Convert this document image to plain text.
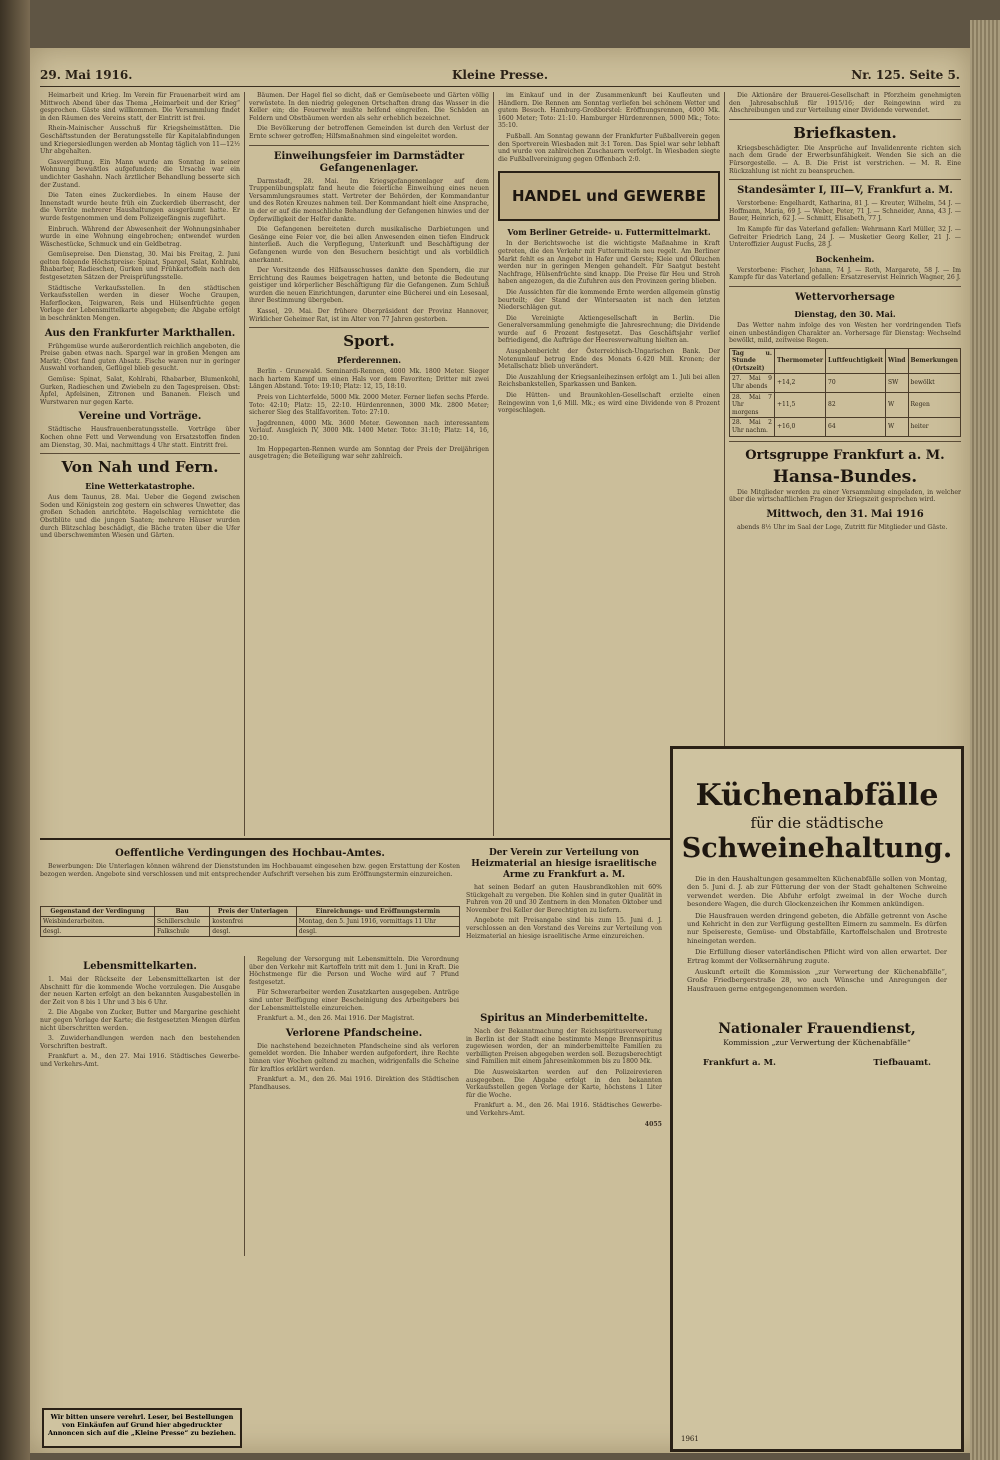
29. Mai 1916.	Kleine Presse.	Nr. 125. Seite 5.

Heimarbeit und Krieg. Im Verein für Frauenarbeit wird am Mittwoch Abend über das Thema „Heimarbeit und der Krieg“ gesprochen. Gäste sind willkommen. Die Versammlung findet in den Räumen des Vereins statt, der Eintritt ist frei.

Rhein-Mainischer Ausschuß für Kriegsheimstätten. Die Geschäftsstunden der Beratungsstelle für Kapitalabfindungen und Kriegersiedlungen werden ab Montag täglich von 11—12½ Uhr abgehalten.

Gasvergiftung. Ein Mann wurde am Sonntag in seiner Wohnung bewußtlos aufgefunden; die Ursache war ein undichter Gashahn. Nach ärztlicher Behandlung besserte sich der Zustand.

Die Taten eines Zuckerdiebes. In einem Hause der Innenstadt wurde heute früh ein Zuckerdieb überrascht, der die Vorräte mehrerer Haushaltungen ausgeräumt hatte. Er wurde festgenommen und dem Polizeigefängnis zugeführt.

Einbruch. Während der Abwesenheit der Wohnungsinhaber wurde in eine Wohnung eingebrochen; entwendet wurden Wäschestücke, Schmuck und ein Geldbetrag.

Gemüsepreise. Den Dienstag, 30. Mai bis Freitag, 2. Juni gelten folgende Höchstpreise: Spinat, Spargel, Salat, Kohlrabi, Rhabarber, Radieschen, Gurken und Frühkartoffeln nach den festgesetzten Sätzen der Preisprüfungsstelle.

Städtische Verkaufsstellen. In den städtischen Verkaufsstellen werden in dieser Woche Graupen, Haferflocken, Teigwaren, Reis und Hülsenfrüchte gegen Vorlage der Lebensmittelkarte abgegeben; die Abgabe erfolgt in beschränkten Mengen.

Aus den Frankfurter Markthallen.

Frühgemüse wurde außerordentlich reichlich angeboten, die Preise gaben etwas nach. Spargel war in großen Mengen am Markt; Obst fand guten Absatz. Fische waren nur in geringer Auswahl vorhanden, Geflügel blieb gesucht.

Gemüse: Spinat, Salat, Kohlrabi, Rhabarber, Blumenkohl, Gurken, Radieschen und Zwiebeln zu den Tagespreisen. Obst: Äpfel, Apfelsinen, Zitronen und Bananen. Fleisch und Wurstwaren nur gegen Karte.

Vereine und Vorträge.

Städtische Hausfrauenberatungsstelle. Vorträge über Kochen ohne Fett und Verwendung von Ersatzstoffen finden am Dienstag, 30. Mai, nachmittags 4 Uhr statt. Eintritt frei.

Von Nah und Fern.
Eine Wetterkatastrophe.

Aus dem Taunus, 28. Mai. Ueber die Gegend zwischen Soden und Königstein zog gestern ein schweres Unwetter, das großen Schaden anrichtete. Hagelschlag vernichtete die Obstblüte und die jungen Saaten; mehrere Häuser wurden durch Blitzschlag beschädigt, die Bäche traten über die Ufer und überschwemmten Wiesen und Gärten.

Bäumen. Der Hagel fiel so dicht, daß er Gemüsebeete und Gärten völlig verwüstete. In den niedrig gelegenen Ortschaften drang das Wasser in die Keller ein; die Feuerwehr mußte helfend eingreifen. Die Schäden an Feldern und Obstbäumen werden als sehr erheblich bezeichnet.

Die Bevölkerung der betroffenen Gemeinden ist durch den Verlust der Ernte schwer getroffen; Hilfsmaßnahmen sind eingeleitet worden.

Einweihungsfeier im Darmstädter Gefangenenlager.

Darmstadt, 28. Mai. Im Kriegsgefangenenlager auf dem Truppenübungsplatz fand heute die feierliche Einweihung eines neuen Versammlungsraumes statt. Vertreter der Behörden, der Kommandantur und des Roten Kreuzes nahmen teil. Der Kommandant hielt eine Ansprache, in der er auf die menschliche Behandlung der Gefangenen hinwies und der Opferwilligkeit der Helfer dankte.

Die Gefangenen bereiteten durch musikalische Darbietungen und Gesänge eine Feier vor, die bei allen Anwesenden einen tiefen Eindruck hinterließ. Auch die Verpflegung, Unterkunft und Beschäftigung der Gefangenen wurde von den Besuchern besichtigt und als vorbildlich anerkannt.

Der Vorsitzende des Hilfsausschusses dankte den Spendern, die zur Errichtung des Raumes beigetragen hatten, und betonte die Bedeutung geistiger und körperlicher Beschäftigung für die Gefangenen. Zum Schluß wurden die neuen Einrichtungen, darunter eine Bücherei und ein Lesesaal, ihrer Bestimmung übergeben.

Kassel, 29. Mai. Der frühere Oberpräsident der Provinz Hannover, Wirklicher Geheimer Rat, ist im Alter von 77 Jahren gestorben.

Sport.
Pferderennen.

Berlin - Grunewald. Seminardi-Rennen, 4000 Mk. 1800 Meter. Sieger nach hartem Kampf um einen Hals vor dem Favoriten; Dritter mit zwei Längen Abstand. Toto: 19:10; Platz: 12, 15, 18:10.

Preis von Lichterfelde, 5000 Mk. 2000 Meter. Ferner liefen sechs Pferde. Toto: 42:10; Platz: 15, 22:10. Hürdenrennen, 3000 Mk. 2800 Meter; sicherer Sieg des Stallfavoriten. Toto: 27:10.

Jagdrennen, 4000 Mk. 3600 Meter. Gewonnen nach interessantem Verlauf. Ausgleich IV, 3000 Mk. 1400 Meter. Toto: 31:10; Platz: 14, 16, 20:10.

Im Hoppegarten-Rennen wurde am Sonntag der Preis der Dreijährigen ausgetragen; die Beteiligung war sehr zahlreich.

im Einkauf und in der Zusammenkunft bei Kaufleuten und Händlern. Die Rennen am Sonntag verliefen bei schönem Wetter und gutem Besuch. Hamburg-Großborstel: Eröffnungsrennen, 4000 Mk. 1600 Meter; Toto: 21:10. Hamburger Hürdenrennen, 5000 Mk.; Toto: 35:10.

Fußball. Am Sonntag gewann der Frankfurter Fußballverein gegen den Sportverein Wiesbaden mit 3:1 Toren. Das Spiel war sehr lebhaft und wurde von zahlreichen Zuschauern verfolgt. In Wiesbaden siegte die Fußballvereinigung gegen Offenbach 2:0.

HANDEL und GEWERBE
Vom Berliner Getreide- u. Futtermittelmarkt.

In der Berichtswoche ist die wichtigste Maßnahme in Kraft getreten, die den Verkehr mit Futtermitteln neu regelt. Am Berliner Markt fehlt es an Angebot in Hafer und Gerste; Kleie und Ölkuchen werden nur in geringen Mengen gehandelt. Für Saatgut besteht Nachfrage, Hülsenfrüchte sind knapp. Die Preise für Heu und Stroh haben angezogen, da die Zufuhren aus den Provinzen gering blieben.

Die Aussichten für die kommende Ernte werden allgemein günstig beurteilt; der Stand der Wintersaaten ist nach den letzten Niederschlägen gut.

Die Vereinigte Aktiengesellschaft in Berlin. Die Generalversammlung genehmigte die Jahresrechnung; die Dividende wurde auf 6 Prozent festgesetzt. Das Geschäftsjahr verlief befriedigend, die Aufträge der Heeresverwaltung hielten an.

Ausgabenbericht der Österreichisch-Ungarischen Bank. Der Notenumlauf betrug Ende des Monats 6.420 Mill. Kronen; der Metallschatz blieb unverändert.

Die Auszahlung der Kriegsanleihezinsen erfolgt am 1. Juli bei allen Reichsbankstellen, Sparkassen und Banken.

Die Hütten- und Braunkohlen-Gesellschaft erzielte einen Reingewinn von 1,6 Mill. Mk.; es wird eine Dividende von 8 Prozent vorgeschlagen.

Die Aktionäre der Brauerei-Gesellschaft in Pforzheim genehmigten den Jahresabschluß für 1915/16; der Reingewinn wird zu Abschreibungen und zur Verteilung einer Dividende verwendet.

Briefkasten.

Kriegsbeschädigter. Die Ansprüche auf Invalidenrente richten sich nach dem Grade der Erwerbsunfähigkeit. Wenden Sie sich an die Fürsorgestelle. — A. B. Die Frist ist verstrichen. — M. R. Eine Rückzahlung ist nicht zu beanspruchen.

Standesämter I, III—V, Frankfurt a. M.

Verstorbene: Engelhardt, Katharina, 81 J. — Kreuter, Wilhelm, 54 J. — Hoffmann, Maria, 69 J. — Weber, Peter, 71 J. — Schneider, Anna, 43 J. — Bauer, Heinrich, 62 J. — Schmitt, Elisabeth, 77 J.

Im Kampfe für das Vaterland gefallen: Wehrmann Karl Müller, 32 J. — Gefreiter Friedrich Lang, 24 J. — Musketier Georg Keller, 21 J. — Unteroffizier August Fuchs, 28 J.

Bockenheim.

Verstorbene: Fischer, Johann, 74 J. — Roth, Margarete, 58 J. — Im Kampfe für das Vaterland gefallen: Ersatzreservist Heinrich Wagner, 26 J.

Wettervorhersage
Dienstag, den 30. Mai.

Das Wetter nahm infolge des von Westen her vordringenden Tiefs einen unbeständigen Charakter an. Vorhersage für Dienstag: Wechselnd bewölkt, mild, zeitweise Regen.

Tag u. Stunde (Ortszeit)	Thermometer	Luftfeuchtigkeit	Wind	Bemerkungen
27. Mai 9 Uhr abends	+14,2	70	SW	bewölkt
28. Mai 7 Uhr morgens	+11,5	82	W	Regen
28. Mai 2 Uhr nachm.	+16,0	64	W	heiter
Ortsgruppe Frankfurt a. M.
Hansa-Bundes.

Die Mitglieder werden zu einer Versammlung eingeladen, in welcher über die wirtschaftlichen Fragen der Kriegszeit gesprochen wird.

Mittwoch, den 31. Mai 1916

abends 8½ Uhr im Saal der Loge, Zutritt für Mitglieder und Gäste.

Oeffentliche Verdingungen des Hochbau-Amtes.

Bewerbungen: Die Unterlagen können während der Dienststunden im Hochbauamt eingesehen bzw. gegen Erstattung der Kosten bezogen werden. Angebote sind verschlossen und mit entsprechender Aufschrift versehen bis zum Eröffnungstermin einzureichen.

Gegenstand der Verdingung	Bau	Preis der Unterlagen	Einreichungs- und Eröffnungstermin
Weisbinderarbeiten.	Schillerschule	kostenfrei	Montag, den 5. Juni 1916, vormittags 11 Uhr
desgl.	Falkschule	desgl.	desgl.
Lebensmittelkarten.

1. Mai der Rückseite der Lebensmittelkarten ist der Abschnitt für die kommende Woche vorzulegen. Die Ausgabe der neuen Karten erfolgt an den bekannten Ausgabestellen in der Zeit von 8 bis 1 Uhr und 3 bis 6 Uhr.

2. Die Abgabe von Zucker, Butter und Margarine geschieht nur gegen Vorlage der Karte; die festgesetzten Mengen dürfen nicht überschritten werden.

3. Zuwiderhandlungen werden nach den bestehenden Vorschriften bestraft.

Frankfurt a. M., den 27. Mai 1916. Städtisches Gewerbe- und Verkehrs-Amt.

Regelung der Versorgung mit Lebensmitteln. Die Verordnung über den Verkehr mit Kartoffeln tritt mit dem 1. Juni in Kraft. Die Höchstmenge für die Person und Woche wird auf 7 Pfund festgesetzt.

Für Schwerarbeiter werden Zusatzkarten ausgegeben. Anträge sind unter Beifügung einer Bescheinigung des Arbeitgebers bei der Lebensmittelstelle einzureichen.

Frankfurt a. M., den 26. Mai 1916. Der Magistrat.

Verlorene Pfandscheine.

Die nachstehend bezeichneten Pfandscheine sind als verloren gemeldet worden. Die Inhaber werden aufgefordert, ihre Rechte binnen vier Wochen geltend zu machen, widrigenfalls die Scheine für kraftlos erklärt werden.

Frankfurt a. M., den 26. Mai 1916. Direktion des Städtischen Pfandhauses.

Wir bitten unsere verehrl. Leser, bei Bestellungen von Einkäufen auf Grund hier abgedruckter Annoncen sich auf die „Kleine Presse“ zu beziehen.
Der Verein zur Verteilung von Heizmaterial an hiesige israelitische Arme zu Frankfurt a. M.

hat seinen Bedarf an guten Hausbrandkohlen mit 60% Stückgehalt zu vergeben. Die Kohlen sind in guter Qualität in Fuhren von 20 und 30 Zentnern in den Monaten Oktober und November frei Keller der Berechtigten zu liefern.

Angebote mit Preisangabe sind bis zum 15. Juni d. J. verschlossen an den Vorstand des Vereins zur Verteilung von Heizmaterial an hiesige israelitische Arme einzureichen.

Spiritus an Minderbemittelte.

Nach der Bekanntmachung der Reichsspiritusverwertung in Berlin ist der Stadt eine bestimmte Menge Brennspiritus zugewiesen worden, der an minderbemittelte Familien zu verbilligten Preisen abgegeben werden soll. Bezugsberechtigt sind Familien mit einem Jahreseinkommen bis zu 1800 Mk.

Die Ausweiskarten werden auf den Polizeirevieren ausgegeben. Die Abgabe erfolgt in den bekannten Verkaufsstellen gegen Vorlage der Karte, höchstens 1 Liter für die Woche.

Frankfurt a. M., den 26. Mai 1916. Städtisches Gewerbe- und Verkehrs-Amt.

4055
Küchenabfälle
für die städtische
Schweinehaltung.

Die in den Haushaltungen gesammelten Küchenabfälle sollen von Montag, den 5. Juni d. J. ab zur Fütterung der von der Stadt gehaltenen Schweine verwendet werden. Die Abfuhr erfolgt zweimal in der Woche durch besondere Wagen, die durch Glockenzeichen ihr Kommen ankündigen.

Die Hausfrauen werden dringend gebeten, die Abfälle getrennt von Asche und Kehricht in den zur Verfügung gestellten Eimern zu sammeln. Es dürfen nur Speisereste, Gemüse- und Obstabfälle, Kartoffelschalen und Brotreste hineingetan werden.

Die Erfüllung dieser vaterländischen Pflicht wird von allen erwartet. Der Ertrag kommt der Volksernährung zugute.

Auskunft erteilt die Kommission „zur Verwertung der Küchenabfälle“, Große Friedbergerstraße 28, wo auch Wünsche und Anregungen der Hausfrauen gerne entgegengenommen werden.

Nationaler Frauendienst,
Kommission „zur Verwertung der Küchenabfälle“
Frankfurt a. M.	Tiefbauamt.
1961
